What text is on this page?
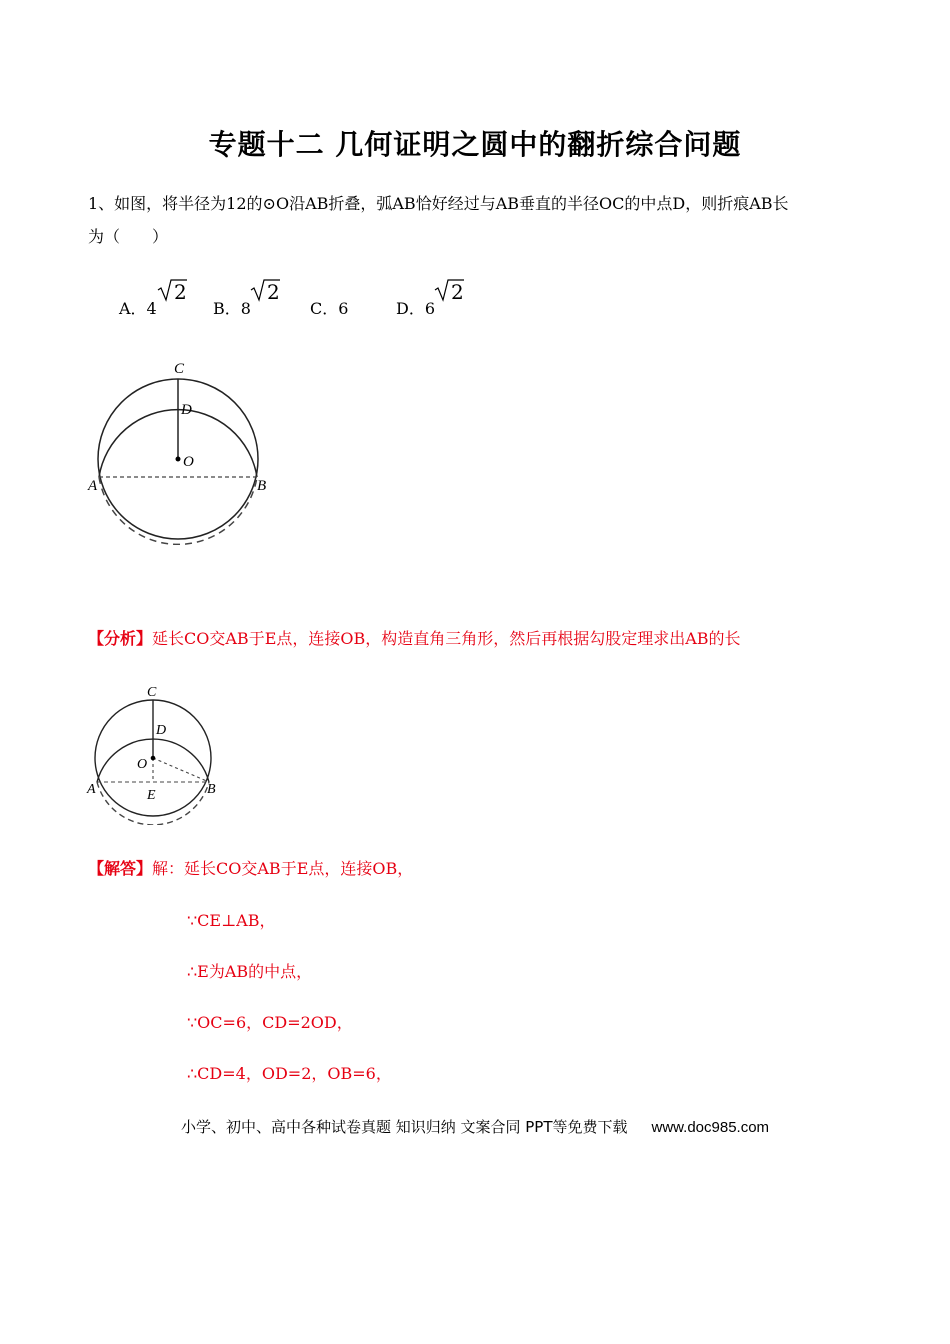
专题十二 几何证明之圆中的翻折综合问题
1、如图，将半径为12的⊙O沿AB折叠，弧AB恰好经过与AB垂直的半径OC的中点D，则折痕AB长
为（　　）
A．4
2
B．8
2
C．6	D．6
2
C
D
O
A	B
【分析】延长CO交AB于E点，连接OB，构造直角三角形，然后再根据勾股定理求出AB的长
C
D
O
A	B
E
【解答】解：延长CO交AB于E点，连接OB，
∵CE⊥AB，
∴E为AB的中点，
∵OC=6，CD=2OD，
∴CD=4，OD=2，OB=6，
小学、初中、高中各种试卷真题 知识归纳 文案合同 PPT等免费下载 www.doc985.com
